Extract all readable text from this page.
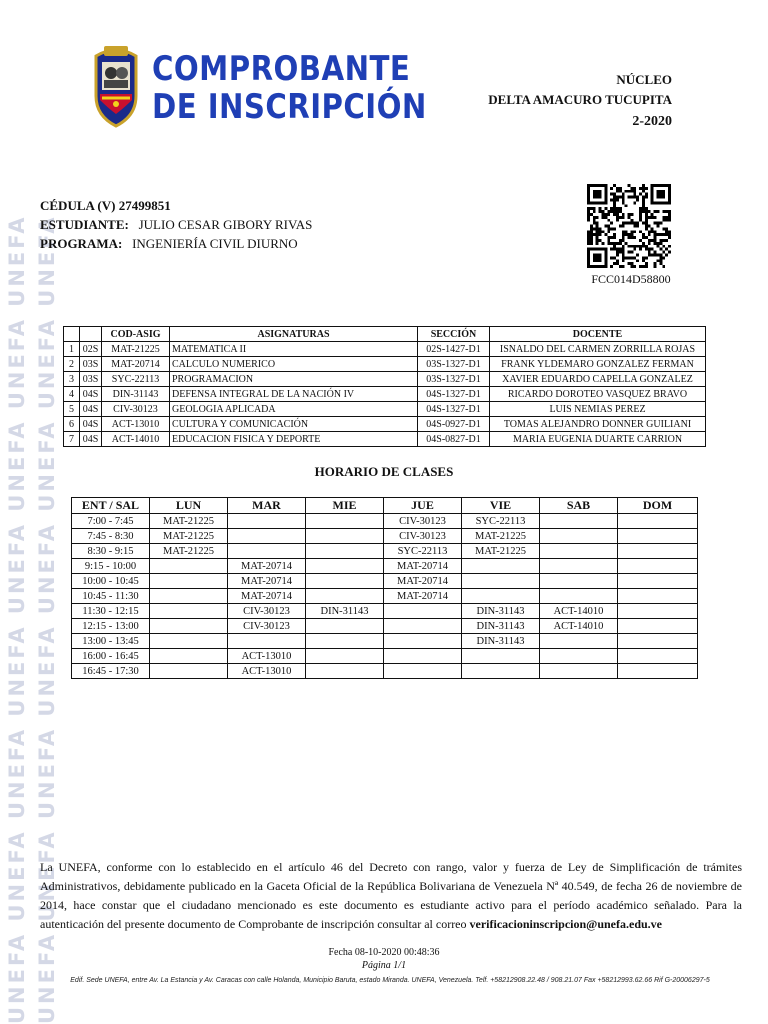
UNEFA UNEFA UNEFA UNEFA UNEFA UNEFA UNEFA UNEFA UNEFA UNEFA UNEFA UNEFA UNEFA UNEFA UNEFA UNEFA
COMPROBANTE
DE INSCRIPCIÓN
NÚCLEO
DELTA AMACURO TUCUPITA
2-2020
CÉDULA (V) 27499851
ESTUDIANTE: JULIO CESAR GIBORY RIVAS
PROGRAMA: INGENIERÍA CIVIL DIURNO
FCC014D58800
		COD-ASIG	ASIGNATURAS	SECCIÓN	DOCENTE
1	02S	MAT-21225	MATEMATICA II	02S-1427-D1	ISNALDO DEL CARMEN ZORRILLA ROJAS
2	03S	MAT-20714	CALCULO NUMERICO	03S-1327-D1	FRANK YLDEMARO GONZALEZ FERMAN
3	03S	SYC-22113	PROGRAMACION	03S-1327-D1	XAVIER EDUARDO CAPELLA GONZALEZ
4	04S	DIN-31143	DEFENSA INTEGRAL DE LA NACIÓN IV	04S-1327-D1	RICARDO DOROTEO VASQUEZ BRAVO
5	04S	CIV-30123	GEOLOGIA APLICADA	04S-1327-D1	LUIS NEMIAS PEREZ
6	04S	ACT-13010	CULTURA Y COMUNICACIÓN	04S-0927-D1	TOMAS ALEJANDRO DONNER GUILIANI
7	04S	ACT-14010	EDUCACION FISICA Y DEPORTE	04S-0827-D1	MARIA EUGENIA DUARTE CARRION
HORARIO DE CLASES
ENT / SAL	LUN	MAR	MIE	JUE	VIE	SAB	DOM
7:00 - 7:45	MAT-21225			CIV-30123	SYC-22113		
7:45 - 8:30	MAT-21225			CIV-30123	MAT-21225		
8:30 - 9:15	MAT-21225			SYC-22113	MAT-21225		
9:15 - 10:00		MAT-20714		MAT-20714			
10:00 - 10:45		MAT-20714		MAT-20714			
10:45 - 11:30		MAT-20714		MAT-20714			
11:30 - 12:15		CIV-30123	DIN-31143		DIN-31143	ACT-14010	
12:15 - 13:00		CIV-30123			DIN-31143	ACT-14010	
13:00 - 13:45					DIN-31143		
16:00 - 16:45		ACT-13010					
16:45 - 17:30		ACT-13010					
La UNEFA, conforme con lo establecido en el artículo 46 del Decreto con rango, valor y fuerza de Ley de Simplificación de trámites Administrativos, debidamente publicado en la Gaceta Oficial de la República Bolivariana de Venezuela Nª 40.549, de fecha 26 de noviembre de 2014, hace constar que el ciudadano mencionado es este documento es estudiante activo para el período académico señalado. Para la autenticación del presente documento de Comprobante de inscripción consultar al correo verificacioninscripcion@unefa.edu.ve
Fecha 08-10-2020 00:48:36
Página 1/1
Edif. Sede UNEFA, entre Av. La Estancia y Av. Caracas con calle Holanda, Municipio Baruta, estado Miranda. UNEFA, Venezuela. Telf. +58212908.22.48 / 908.21.07 Fax +58212993.62.66 Rif G-20006297-5
